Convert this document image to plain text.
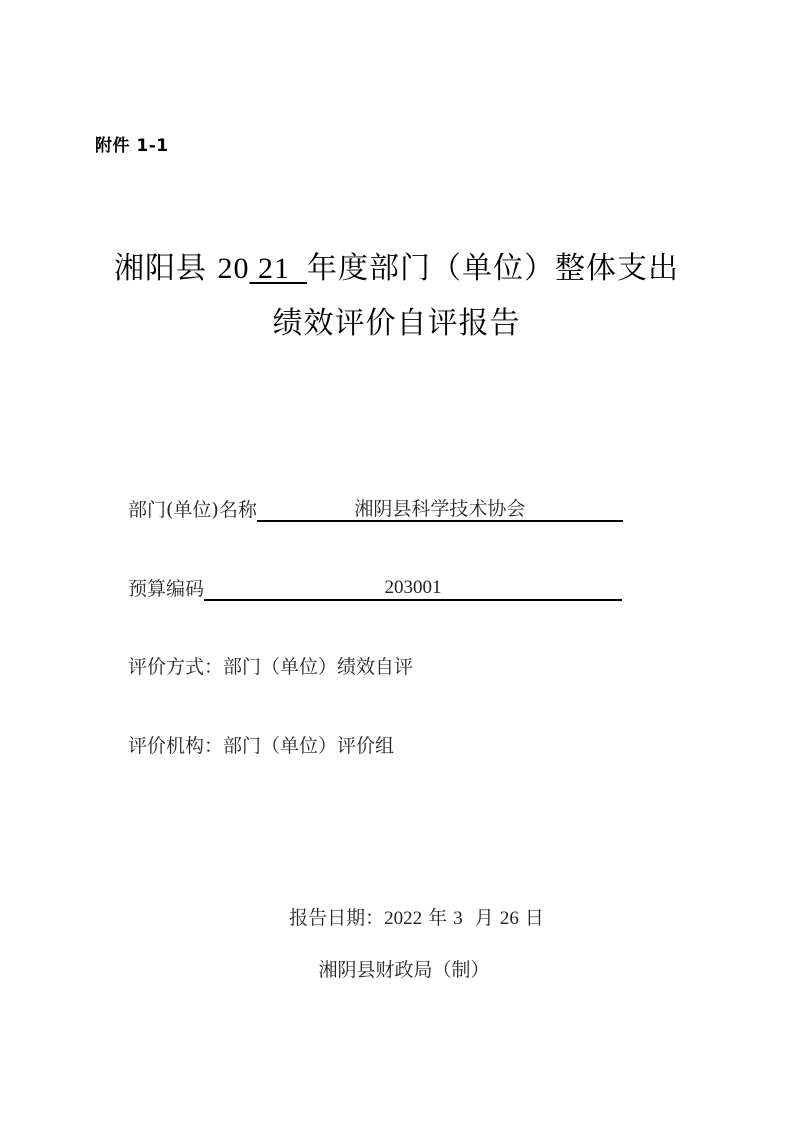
附件 1-1
湘阳县 20 21 年度部门（单位）整体支出
绩效评价自评报告
部门(单位)名称	湘阴县科学技术协会
预算编码	203001
评价方式：部门（单位）绩效自评
评价机构：部门（单位）评价组
报告日期：2022 年 3 月 26 日
湘阴县财政局（制）
